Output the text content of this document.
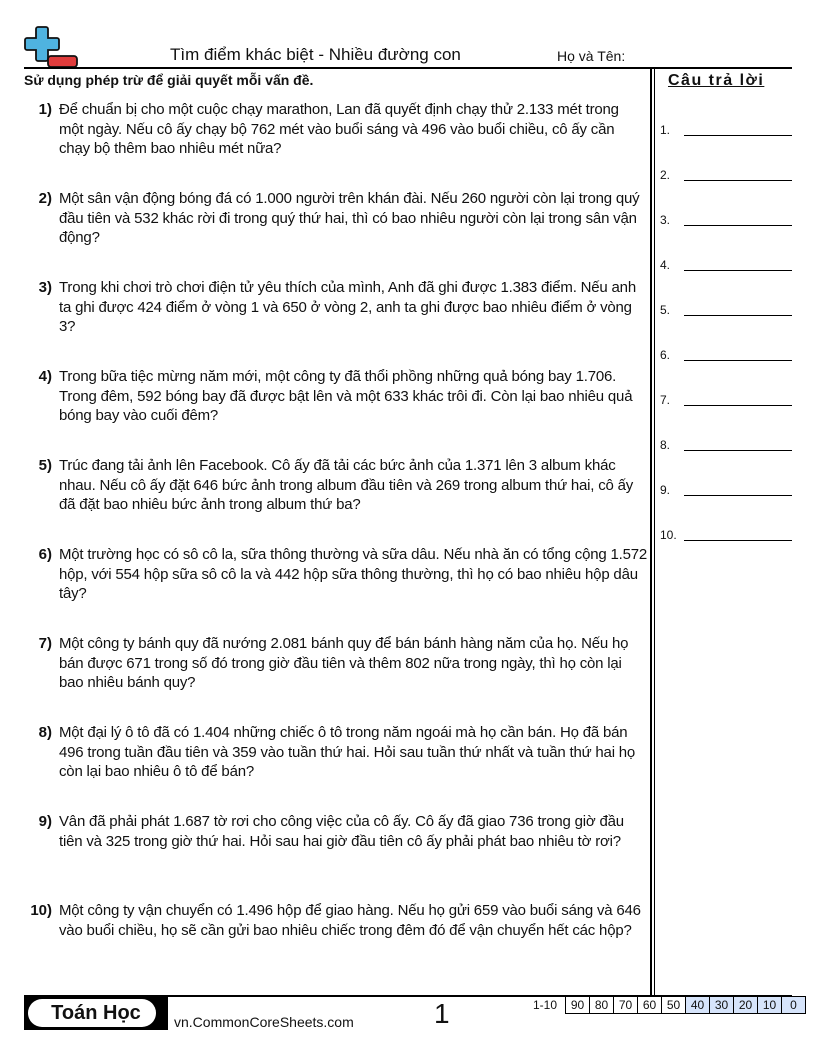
Tìm điểm khác biệt - Nhiều đường con	Họ và Tên:
Sử dụng phép trừ để giải quyết mỗi vấn đề.	Câu trả lời
1) Để chuẩn bị cho một cuộc chạy marathon, Lan đã quyết định chạy thử 2.133 mét trong một ngày. Nếu cô ấy chạy bộ 762 mét vào buổi sáng và 496 vào buổi chiều, cô ấy cần chạy bộ thêm bao nhiêu mét nữa?
2) Một sân vận động bóng đá có 1.000 người trên khán đài. Nếu 260 người còn lại trong quý đầu tiên và 532 khác rời đi trong quý thứ hai, thì có bao nhiêu người còn lại trong sân vận động?
3) Trong khi chơi trò chơi điện tử yêu thích của mình, Anh đã ghi được 1.383 điểm. Nếu anh ta ghi được 424 điểm ở vòng 1 và 650 ở vòng 2, anh ta ghi được bao nhiêu điểm ở vòng 3?
4) Trong bữa tiệc mừng năm mới, một công ty đã thổi phồng những quả bóng bay 1.706. Trong đêm, 592 bóng bay đã được bật lên và một 633 khác trôi đi. Còn lại bao nhiêu quả bóng bay vào cuối đêm?
5) Trúc đang tải ảnh lên Facebook. Cô ấy đã tải các bức ảnh của 1.371 lên 3 album khác nhau. Nếu cô ấy đặt 646 bức ảnh trong album đầu tiên và 269 trong album thứ hai, cô ấy đã đặt bao nhiêu bức ảnh trong album thứ ba?
6) Một trường học có sô cô la, sữa thông thường và sữa dâu. Nếu nhà ăn có tổng cộng 1.572 hộp, với 554 hộp sữa sô cô la và 442 hộp sữa thông thường, thì họ có bao nhiêu hộp dâu tây?
7) Một công ty bánh quy đã nướng 2.081 bánh quy để bán bánh hàng năm của họ. Nếu họ bán được 671 trong số đó trong giờ đầu tiên và thêm 802 nữa trong ngày, thì họ còn lại bao nhiêu bánh quy?
8) Một đại lý ô tô đã có 1.404 những chiếc ô tô trong năm ngoái mà họ cần bán. Họ đã bán 496 trong tuần đầu tiên và 359 vào tuần thứ hai. Hỏi sau tuần thứ nhất và tuần thứ hai họ còn lại bao nhiêu ô tô để bán?
9) Vân đã phải phát 1.687 tờ rơi cho công việc của cô ấy. Cô ấy đã giao 736 trong giờ đầu tiên và 325 trong giờ thứ hai. Hỏi sau hai giờ đầu tiên cô ấy phải phát bao nhiêu tờ rơi?
10) Một công ty vận chuyển có 1.496 hộp để giao hàng. Nếu họ gửi 659 vào buổi sáng và 646 vào buổi chiều, họ sẽ cần gửi bao nhiêu chiếc trong đêm đó để vận chuyển hết các hộp?
1.
2.
3.
4.
5.
6.
7.
8.
9.
10.
Toán Học	vn.CommonCoreSheets.com	1	1-10	90 80 70 60 50 40 30 20 10	0
